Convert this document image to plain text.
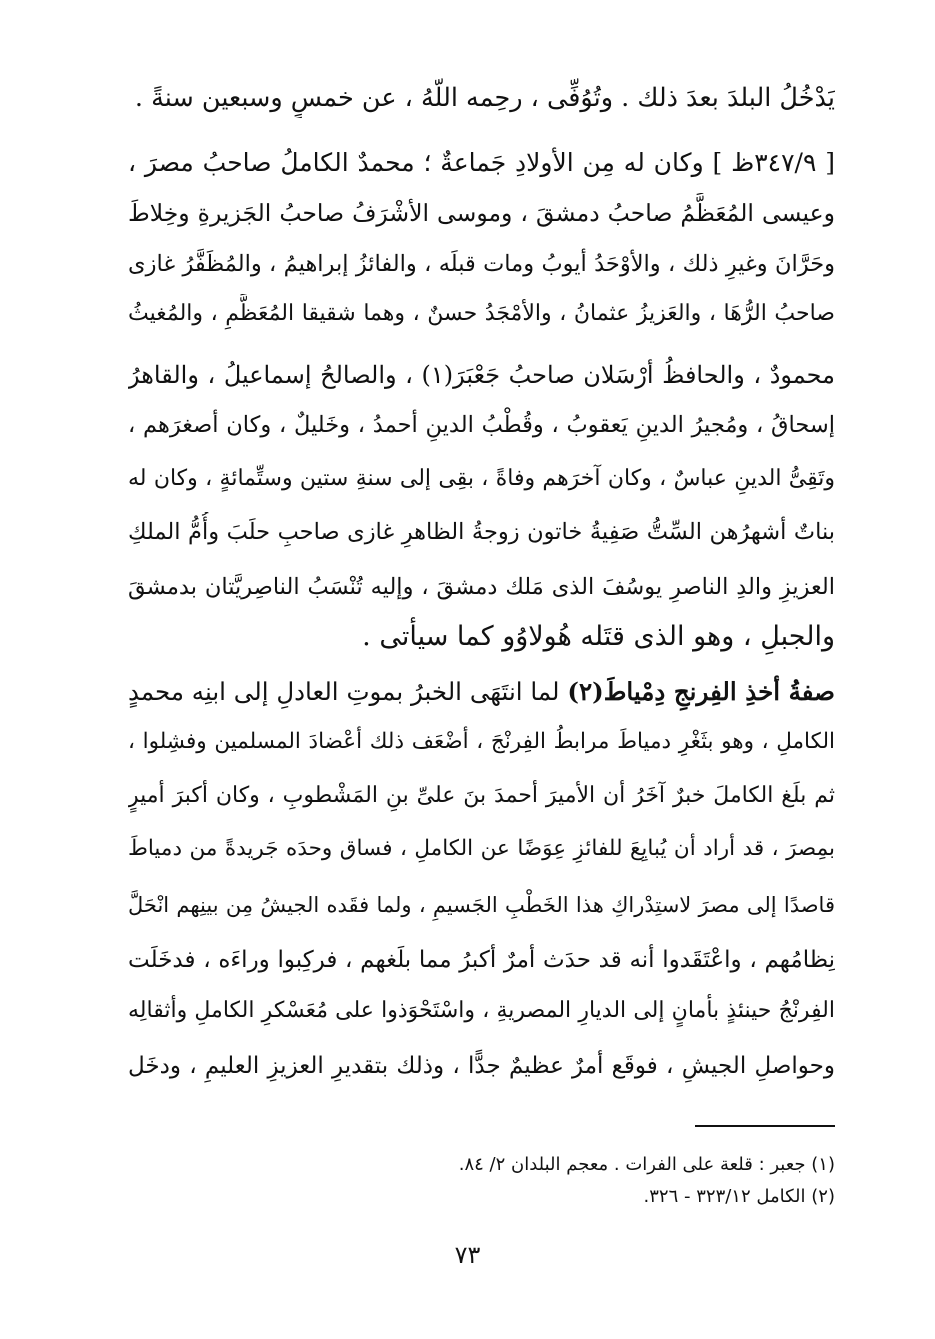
يَدْخُلُ البلدَ بعدَ ذلك . وتُوُفِّى ، رحِمه اللَّهُ ، عن خمسٍ وسبعين سنةً .
[ ٣٤٧/٩ظ ] وكان له مِن الأولادِ جَماعةٌ ؛ محمدٌ الكاملُ صاحبُ مصرَ ،
وعيسى المُعَظَّمُ صاحبُ دمشقَ ، وموسى الأشْرَفُ صاحبُ الجَزيرةِ وخِلاطَ
وحَرَّانَ وغيرِ ذلك ، والأوْحَدُ أيوبُ ومات قبلَه ، والفائزُ إبراهيمُ ، والمُظَفَّرُ غازى
صاحبُ الرُّهَا ، والعَزيزُ عثمانُ ، والأمْجَدُ حسنٌ ، وهما شقيقا المُعَظَّمِ ، والمُغيثُ
محمودٌ ، والحافظُ أرْسَلان صاحبُ جَعْبَرَ(١) ، والصالحُ إسماعيلُ ، والقاهرُ
إسحاقُ ، ومُجيرُ الدينِ يَعقوبُ ، وقُطْبُ الدينِ أحمدُ ، وخَليلٌ ، وكان أصغرَهم ،
وتَقِىُّ الدينِ عباسٌ ، وكان آخرَهم وفاةً ، بقِى إلى سنةِ ستين وستِّمائةٍ ، وكان له
بناتٌ أشهرُهن السِّتُّ صَفِيةُ خاتون زوجةُ الظاهرِ غازى صاحبِ حلَبَ وأُمُّ الملكِ
العزيزِ والدِ الناصرِ يوسُفَ الذى مَلك دمشقَ ، وإليه تُنْسَبُ الناصِريَّتان بدمشقَ
والجبلِ ، وهو الذى قتَله هُولاوُو كما سيأْتى .
صفةُ أخذِ الفِرنجِ دِمْياطَ(٢) لما انتَهَى الخبرُ بموتِ العادلِ إلى ابنِه محمدٍ
الكاملِ ، وهو بثَغْرِ دمياطَ مرابطُ الفِرنْجَ ، أضْعَف ذلك أعْضادَ المسلمين وفشِلوا ،
ثم بلَغ الكاملَ خبرٌ آخَرُ أن الأميرَ أحمدَ بنَ علىِّ بنِ المَشْطوبِ ، وكان أكبرَ أميرٍ
بمِصرَ ، قد أراد أن يُبايِعَ للفائزِ عِوَضًا عن الكاملِ ، فساق وحدَه جَريدةً من دمياطَ
قاصدًا إلى مصرَ لاستِدْراكِ هذا الخَطْبِ الجَسيمِ ، ولما فقَده الجيشُ مِن بينِهم انْحَلَّ
نِظامُهم ، واعْتَقَدوا أنه قد حدَث أمرٌ أكبرُ مما بلَغهم ، فركِبوا وراءَه ، فدخَلَت
الفِرنْجُ حينئذٍ بأمانٍ إلى الديارِ المصريةِ ، واسْتَحْوَذوا على مُعَسْكرِ الكاملِ وأثقالِه
وحواصلِ الجيشِ ، فوقَع أمرٌ عظيمٌ جدًّا ، وذلك بتقديرِ العزيزِ العليمِ ، ودخَل
(١) جعبر : قلعة على الفرات . معجم البلدان ٢/ ٨٤.
(٢) الكامل ٣٢٣/١٢ - ٣٢٦.
٧٣
